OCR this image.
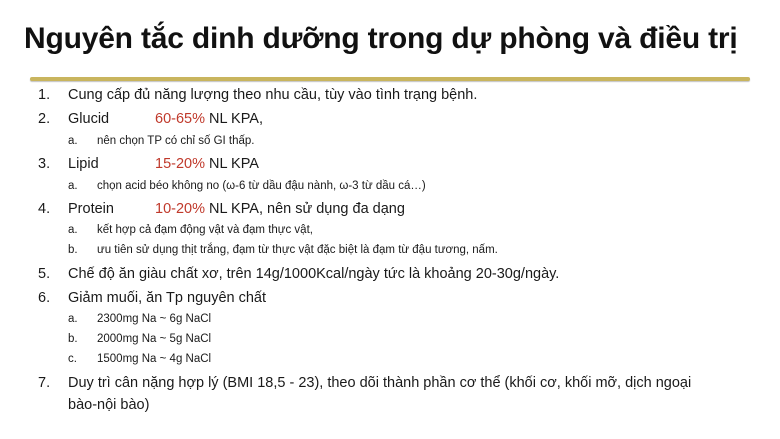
Nguyên tắc dinh dưỡng trong dự phòng và điều trị
1. Cung cấp đủ năng lượng theo nhu cầu, tùy vào tình trạng bệnh.
2. Glucid	60-65% NL KPA,
a. nên chọn TP có chỉ số GI thấp.
3. Lipid	15-20% NL KPA
a. chọn acid béo không no (ω-6 từ dầu đậu nành, ω-3 từ dầu cá…)
4. Protein	10-20% NL KPA, nên sử dụng đa dạng
a. kết hợp cả đạm động vật và đạm thực vật,
b. ưu tiên sử dụng thịt trắng, đạm từ thực vật đặc biệt là đạm từ đậu tương, nấm.
5. Chế độ ăn giàu chất xơ, trên 14g/1000Kcal/ngày tức là khoảng 20-30g/ngày.
6. Giảm muối, ăn Tp nguyên chất
a. 2300mg Na ~ 6g NaCl
b. 2000mg Na ~ 5g NaCl
c. 1500mg Na ~ 4g NaCl
7. Duy trì cân nặng hợp lý (BMI 18,5 - 23), theo dõi thành phần cơ thể (khối cơ, khối mỡ, dịch ngoại
bào-nội bào)
